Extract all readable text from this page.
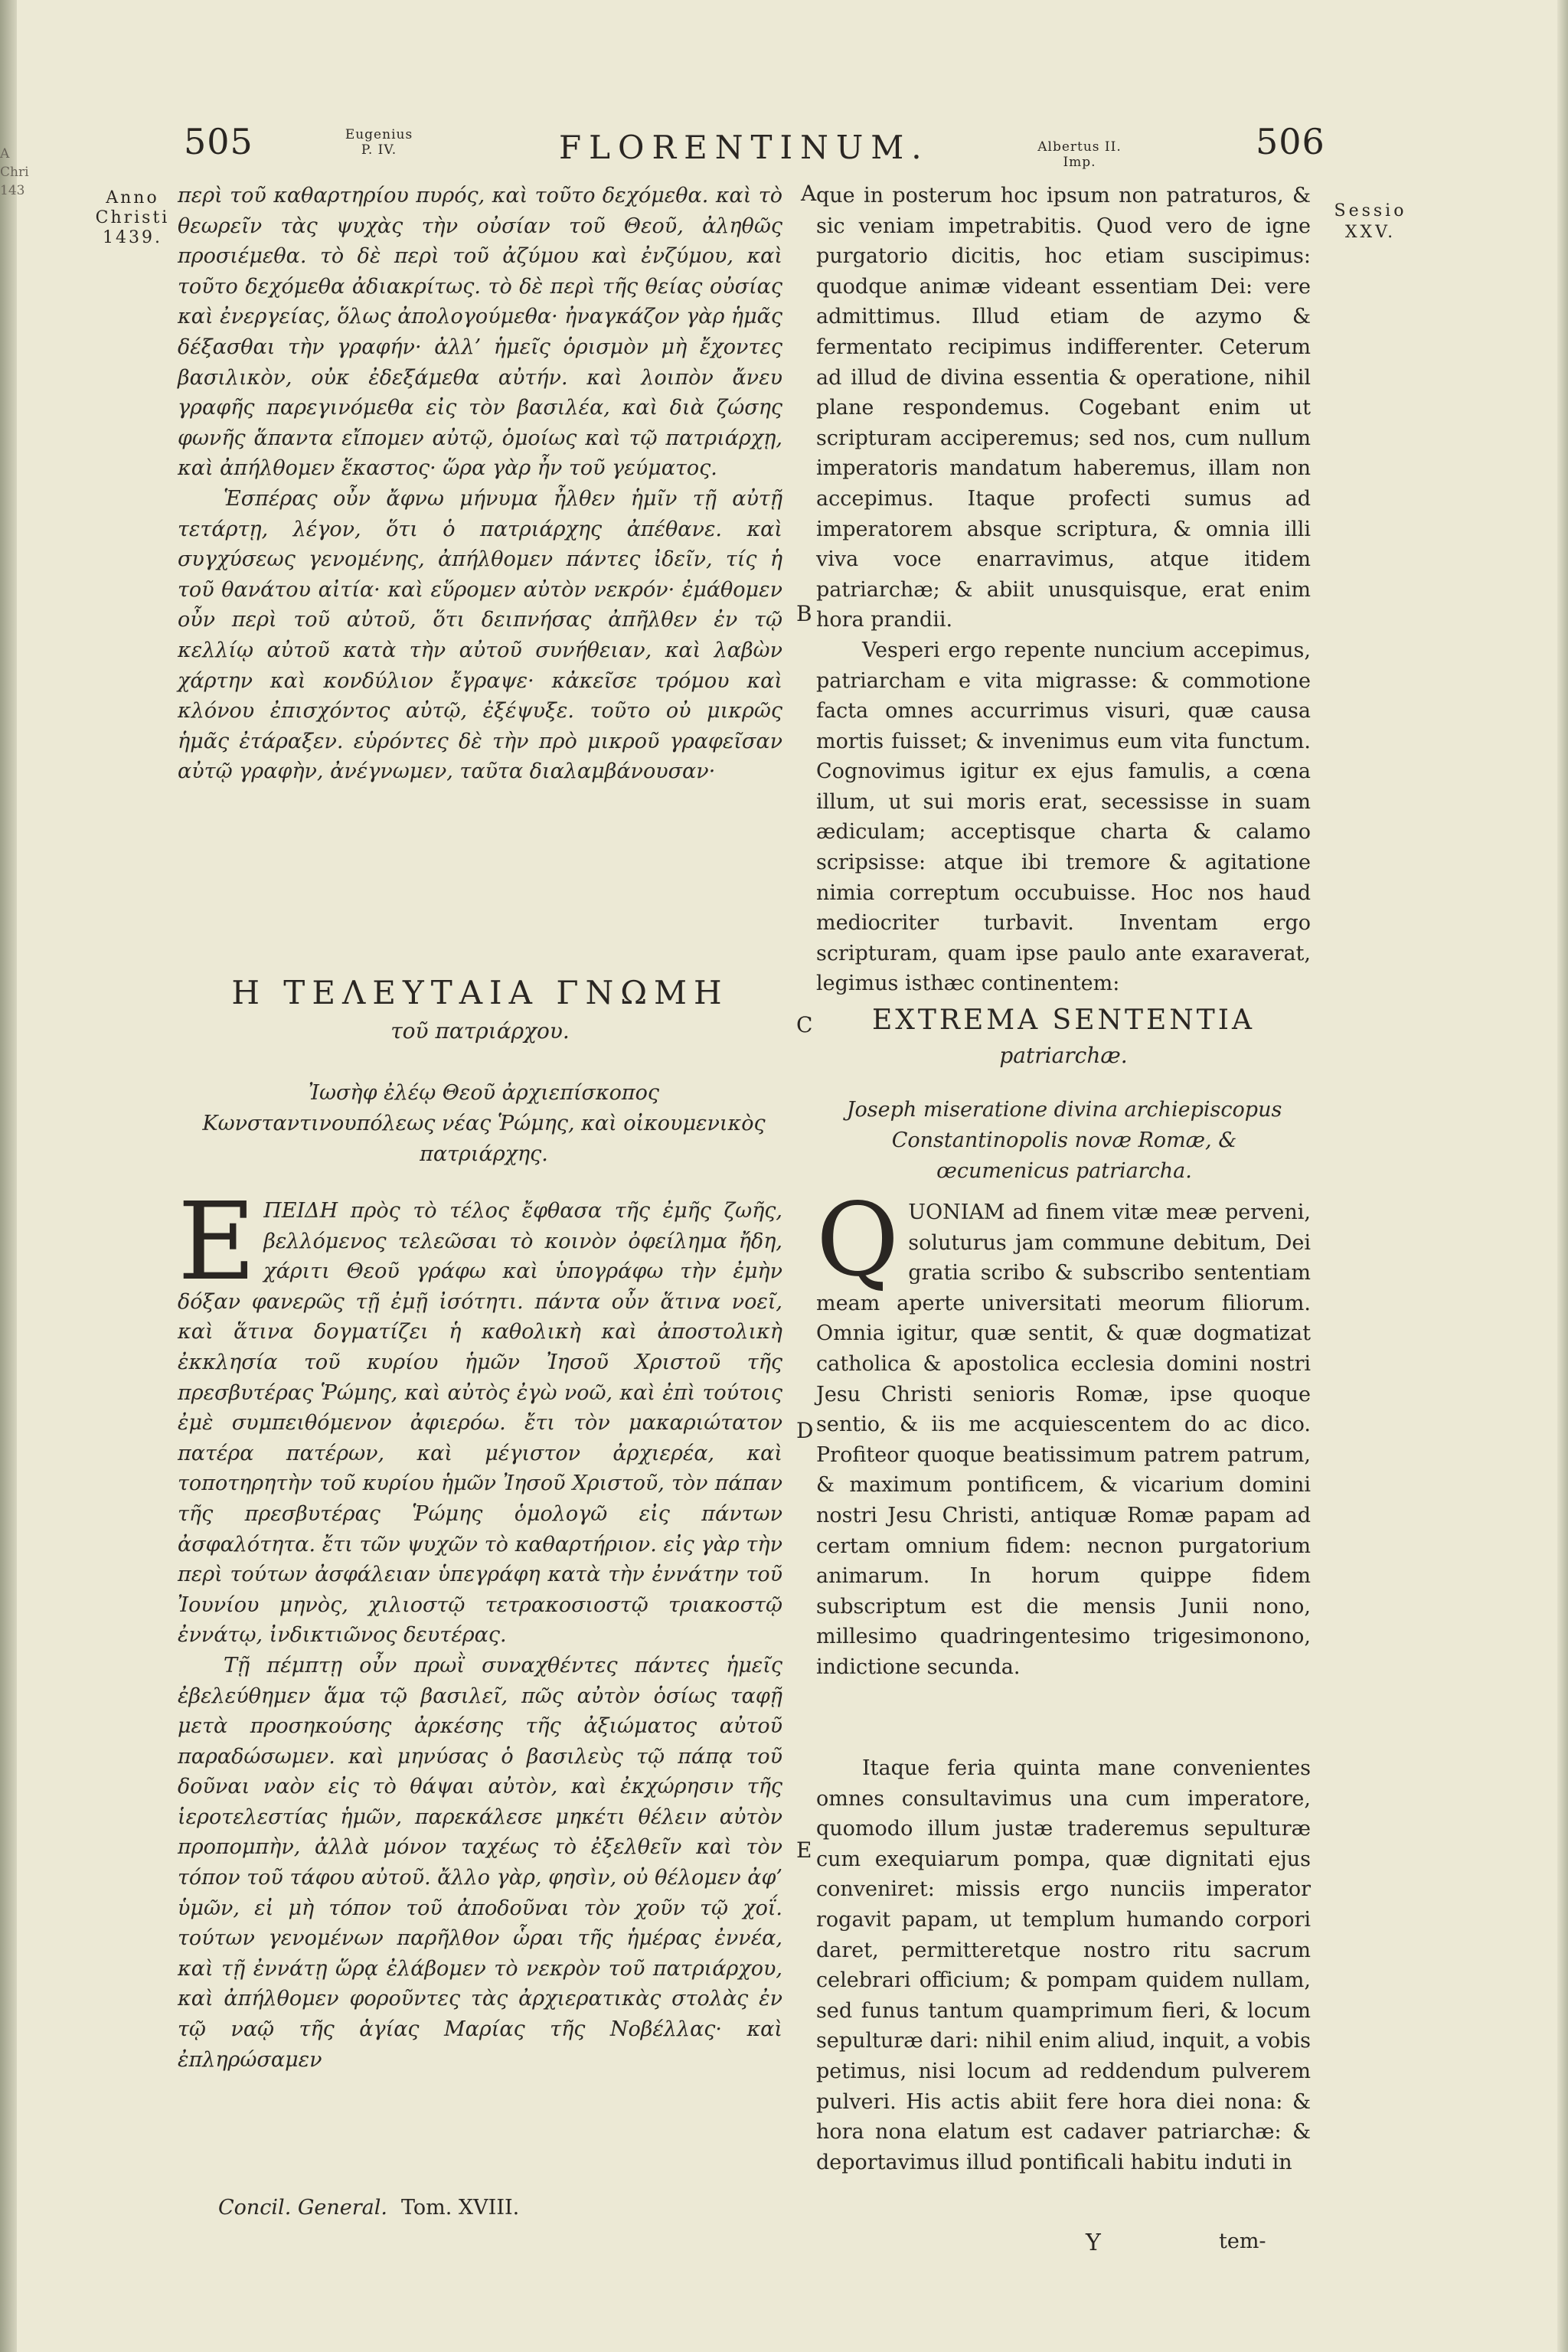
A
Chri
143
505	Eugenius P. IV.	FLORENTINUM.	Albertus II. Imp.	506
Anno Christi 1439.
Sessio XXV.
A
B
C
D
E

περὶ τοῦ καθαρτηρίου πυρός, καὶ τοῦτο δεχόμεθα. καὶ τὸ θεωρεῖν τὰς ψυχὰς τὴν οὐσίαν τοῦ Θεοῦ, ἀληθῶς προσιέμεθα. τὸ δὲ περὶ τοῦ ἀζύμου καὶ ἐνζύμου, καὶ τοῦτο δεχόμεθα ἀδιακρίτως. τὸ δὲ περὶ τῆς θείας οὐσίας καὶ ἐνεργείας, ὅλως ἀπολογούμεθα· ἠναγκάζον γὰρ ἡμᾶς δέξασθαι τὴν γραφήν· ἀλλ’ ἡμεῖς ὁρισμὸν μὴ ἔχοντες βασιλικὸν, οὐκ ἐδεξάμεθα αὐτήν. καὶ λοιπὸν ἄνευ γραφῆς παρεγινόμεθα εἰς τὸν βασιλέα, καὶ διὰ ζώσης φωνῆς ἅπαντα εἴπομεν αὐτῷ, ὁμοίως καὶ τῷ πατριάρχῃ, καὶ ἀπήλθομεν ἕκαστος· ὥρα γὰρ ἦν τοῦ γεύματος.

Ἑσπέρας οὖν ἄφνω μήνυμα ἦλθεν ἡμῖν τῇ αὐτῇ τετάρτῃ, λέγον, ὅτι ὁ πατριάρχης ἀπέθανε. καὶ συγχύσεως γενομένης, ἀπήλθομεν πάντες ἰδεῖν, τίς ἡ τοῦ θανάτου αἰτία· καὶ εὕρομεν αὐτὸν νεκρόν· ἐμάθομεν οὖν περὶ τοῦ αὐτοῦ, ὅτι δειπνήσας ἀπῆλθεν ἐν τῷ κελλίῳ αὐτοῦ κατὰ τὴν αὐτοῦ συνήθειαν, καὶ λαβὼν χάρτην καὶ κονδύλιον ἔγραψε· κἀκεῖσε τρόμου καὶ κλόνου ἐπισχόντος αὐτῷ, ἐξέψυξε. τοῦτο οὐ μικρῶς ἡμᾶς ἐτάραξεν. εὑρόντες δὲ τὴν πρὸ μικροῦ γραφεῖσαν αὐτῷ γραφὴν, ἀνέγνωμεν, ταῦτα διαλαμβάνουσαν·

Η ΤΕΛΕΥΤΑΙΑ ΓΝΩΜΗ
τοῦ πατριάρχου.
Ἰωσὴφ ἐλέῳ Θεοῦ ἀρχιεπίσκοπος Κωνσταντινουπόλεως νέας Ῥώμης, καὶ οἰκουμενικὸς πατριάρχης.

ΕΠΕΙΔΗ πρὸς τὸ τέλος ἔφθασα τῆς ἐμῆς ζωῆς, βελλόμενος τελεῶσαι τὸ κοινὸν ὀφείλημα ἤδη, χάριτι Θεοῦ γράφω καὶ ὑπογράφω τὴν ἐμὴν δόξαν φανερῶς τῇ ἐμῇ ἰσότητι. πάντα οὖν ἅτινα νοεῖ, καὶ ἅτινα δογματίζει ἡ καθολικὴ καὶ ἀποστολικὴ ἐκκλησία τοῦ κυρίου ἡμῶν Ἰησοῦ Χριστοῦ τῆς πρεσβυτέρας Ῥώμης, καὶ αὐτὸς ἐγὼ νοῶ, καὶ ἐπὶ τούτοις ἐμὲ συμπειθόμενον ἀφιερόω. ἔτι τὸν μακαριώτατον πατέρα πατέρων, καὶ μέγιστον ἀρχιερέα, καὶ τοποτηρητὴν τοῦ κυρίου ἡμῶν Ἰησοῦ Χριστοῦ, τὸν πάπαν τῆς πρεσβυτέρας Ῥώμης ὁμολογῶ εἰς πάντων ἀσφαλότητα. ἔτι τῶν ψυχῶν τὸ καθαρτήριον. εἰς γὰρ τὴν περὶ τούτων ἀσφάλειαν ὑπεγράφη κατὰ τὴν ἐννάτην τοῦ Ἰουνίου μηνὸς, χιλιοστῷ τετρακοσιοστῷ τριακοστῷ ἐννάτῳ, ἰνδικτιῶνος δευτέρας.

Τῇ πέμπτῃ οὖν πρωῒ συναχθέντες πάντες ἡμεῖς ἐβελεύθημεν ἅμα τῷ βασιλεῖ, πῶς αὐτὸν ὁσίως ταφῇ μετὰ προσηκούσης ἀρκέσης τῆς ἀξιώματος αὐτοῦ παραδώσωμεν. καὶ μηνύσας ὁ βασιλεὺς τῷ πάπᾳ τοῦ δοῦναι ναὸν εἰς τὸ θάψαι αὐτὸν, καὶ ἐκχώρησιν τῆς ἱεροτελεστίας ἡμῶν, παρεκάλεσε μηκέτι θέλειν αὐτὸν προπομπὴν, ἀλλὰ μόνον ταχέως τὸ ἐξελθεῖν καὶ τὸν τόπον τοῦ τάφου αὐτοῦ. ἄλλο γὰρ, φησὶν, οὐ θέλομεν ἀφ’ ὑμῶν, εἰ μὴ τόπον τοῦ ἀποδοῦναι τὸν χοῦν τῷ χοΐ. τούτων γενομένων παρῆλθον ὧραι τῆς ἡμέρας ἐννέα, καὶ τῇ ἐννάτῃ ὥρᾳ ἐλάβομεν τὸ νεκρὸν τοῦ πατριάρχου, καὶ ἀπήλθομεν φοροῦντες τὰς ἀρχιερατικὰς στολὰς ἐν τῷ ναῷ τῆς ἁγίας Μαρίας τῆς Νοβέλλας· καὶ ἐπληρώσαμεν

que in posterum hoc ipsum non patraturos, & sic veniam impetrabitis. Quod vero de igne purgatorio dicitis, hoc etiam suscipimus: quodque animæ videant essentiam Dei: vere admittimus. Illud etiam de azymo & fermentato recipimus indifferenter. Ceterum ad illud de divina essentia & operatione, nihil plane respondemus. Cogebant enim ut scripturam acciperemus; sed nos, cum nullum imperatoris mandatum haberemus, illam non accepimus. Itaque profecti sumus ad imperatorem absque scriptura, & omnia illi viva voce enarravimus, atque itidem patriarchæ; & abiit unusquisque, erat enim hora prandii.

Vesperi ergo repente nuncium accepimus, patriarcham e vita migrasse: & commotione facta omnes accurrimus visuri, quæ causa mortis fuisset; & invenimus eum vita functum. Cognovimus igitur ex ejus famulis, a cœna illum, ut sui moris erat, secessisse in suam ædiculam; acceptisque charta & calamo scripsisse: atque ibi tremore & agitatione nimia correptum occubuisse. Hoc nos haud mediocriter turbavit. Inventam ergo scripturam, quam ipse paulo ante exaraverat, legimus isthæc continentem:

EXTREMA SENTENTIA
patriarchæ.
Joseph miseratione divina archiepiscopus Constantinopolis novæ Romæ, & œcumenicus patriarcha.

QUONIAM ad finem vitæ meæ perveni, soluturus jam commune debitum, Dei gratia scribo & subscribo sententiam meam aperte universitati meorum filiorum. Omnia igitur, quæ sentit, & quæ dogmatizat catholica & apostolica ecclesia domini nostri Jesu Christi senioris Romæ, ipse quoque sentio, & iis me acquiescentem do ac dico. Profiteor quoque beatissimum patrem patrum, & maximum pontificem, & vicarium domini nostri Jesu Christi, antiquæ Romæ papam ad certam omnium fidem: necnon purgatorium animarum. In horum quippe fidem subscriptum est die mensis Junii nono, millesimo quadringentesimo trigesimonono, indictione secunda.

Itaque feria quinta mane convenientes omnes consultavimus una cum imperatore, quomodo illum justæ traderemus sepulturæ cum exequiarum pompa, quæ dignitati ejus conveniret: missis ergo nunciis imperator rogavit papam, ut templum humando corpori daret, permitteretque nostro ritu sacrum celebrari officium; & pompam quidem nullam, sed funus tantum quamprimum fieri, & locum sepulturæ dari: nihil enim aliud, inquit, a vobis petimus, nisi locum ad reddendum pulverem pulveri. His actis abiit fere hora diei nona: & hora nona elatum est cadaver patriarchæ: & deportavimus illud pontificali habitu induti in

Concil. General. Tom. XVIII.
Y	tem-
